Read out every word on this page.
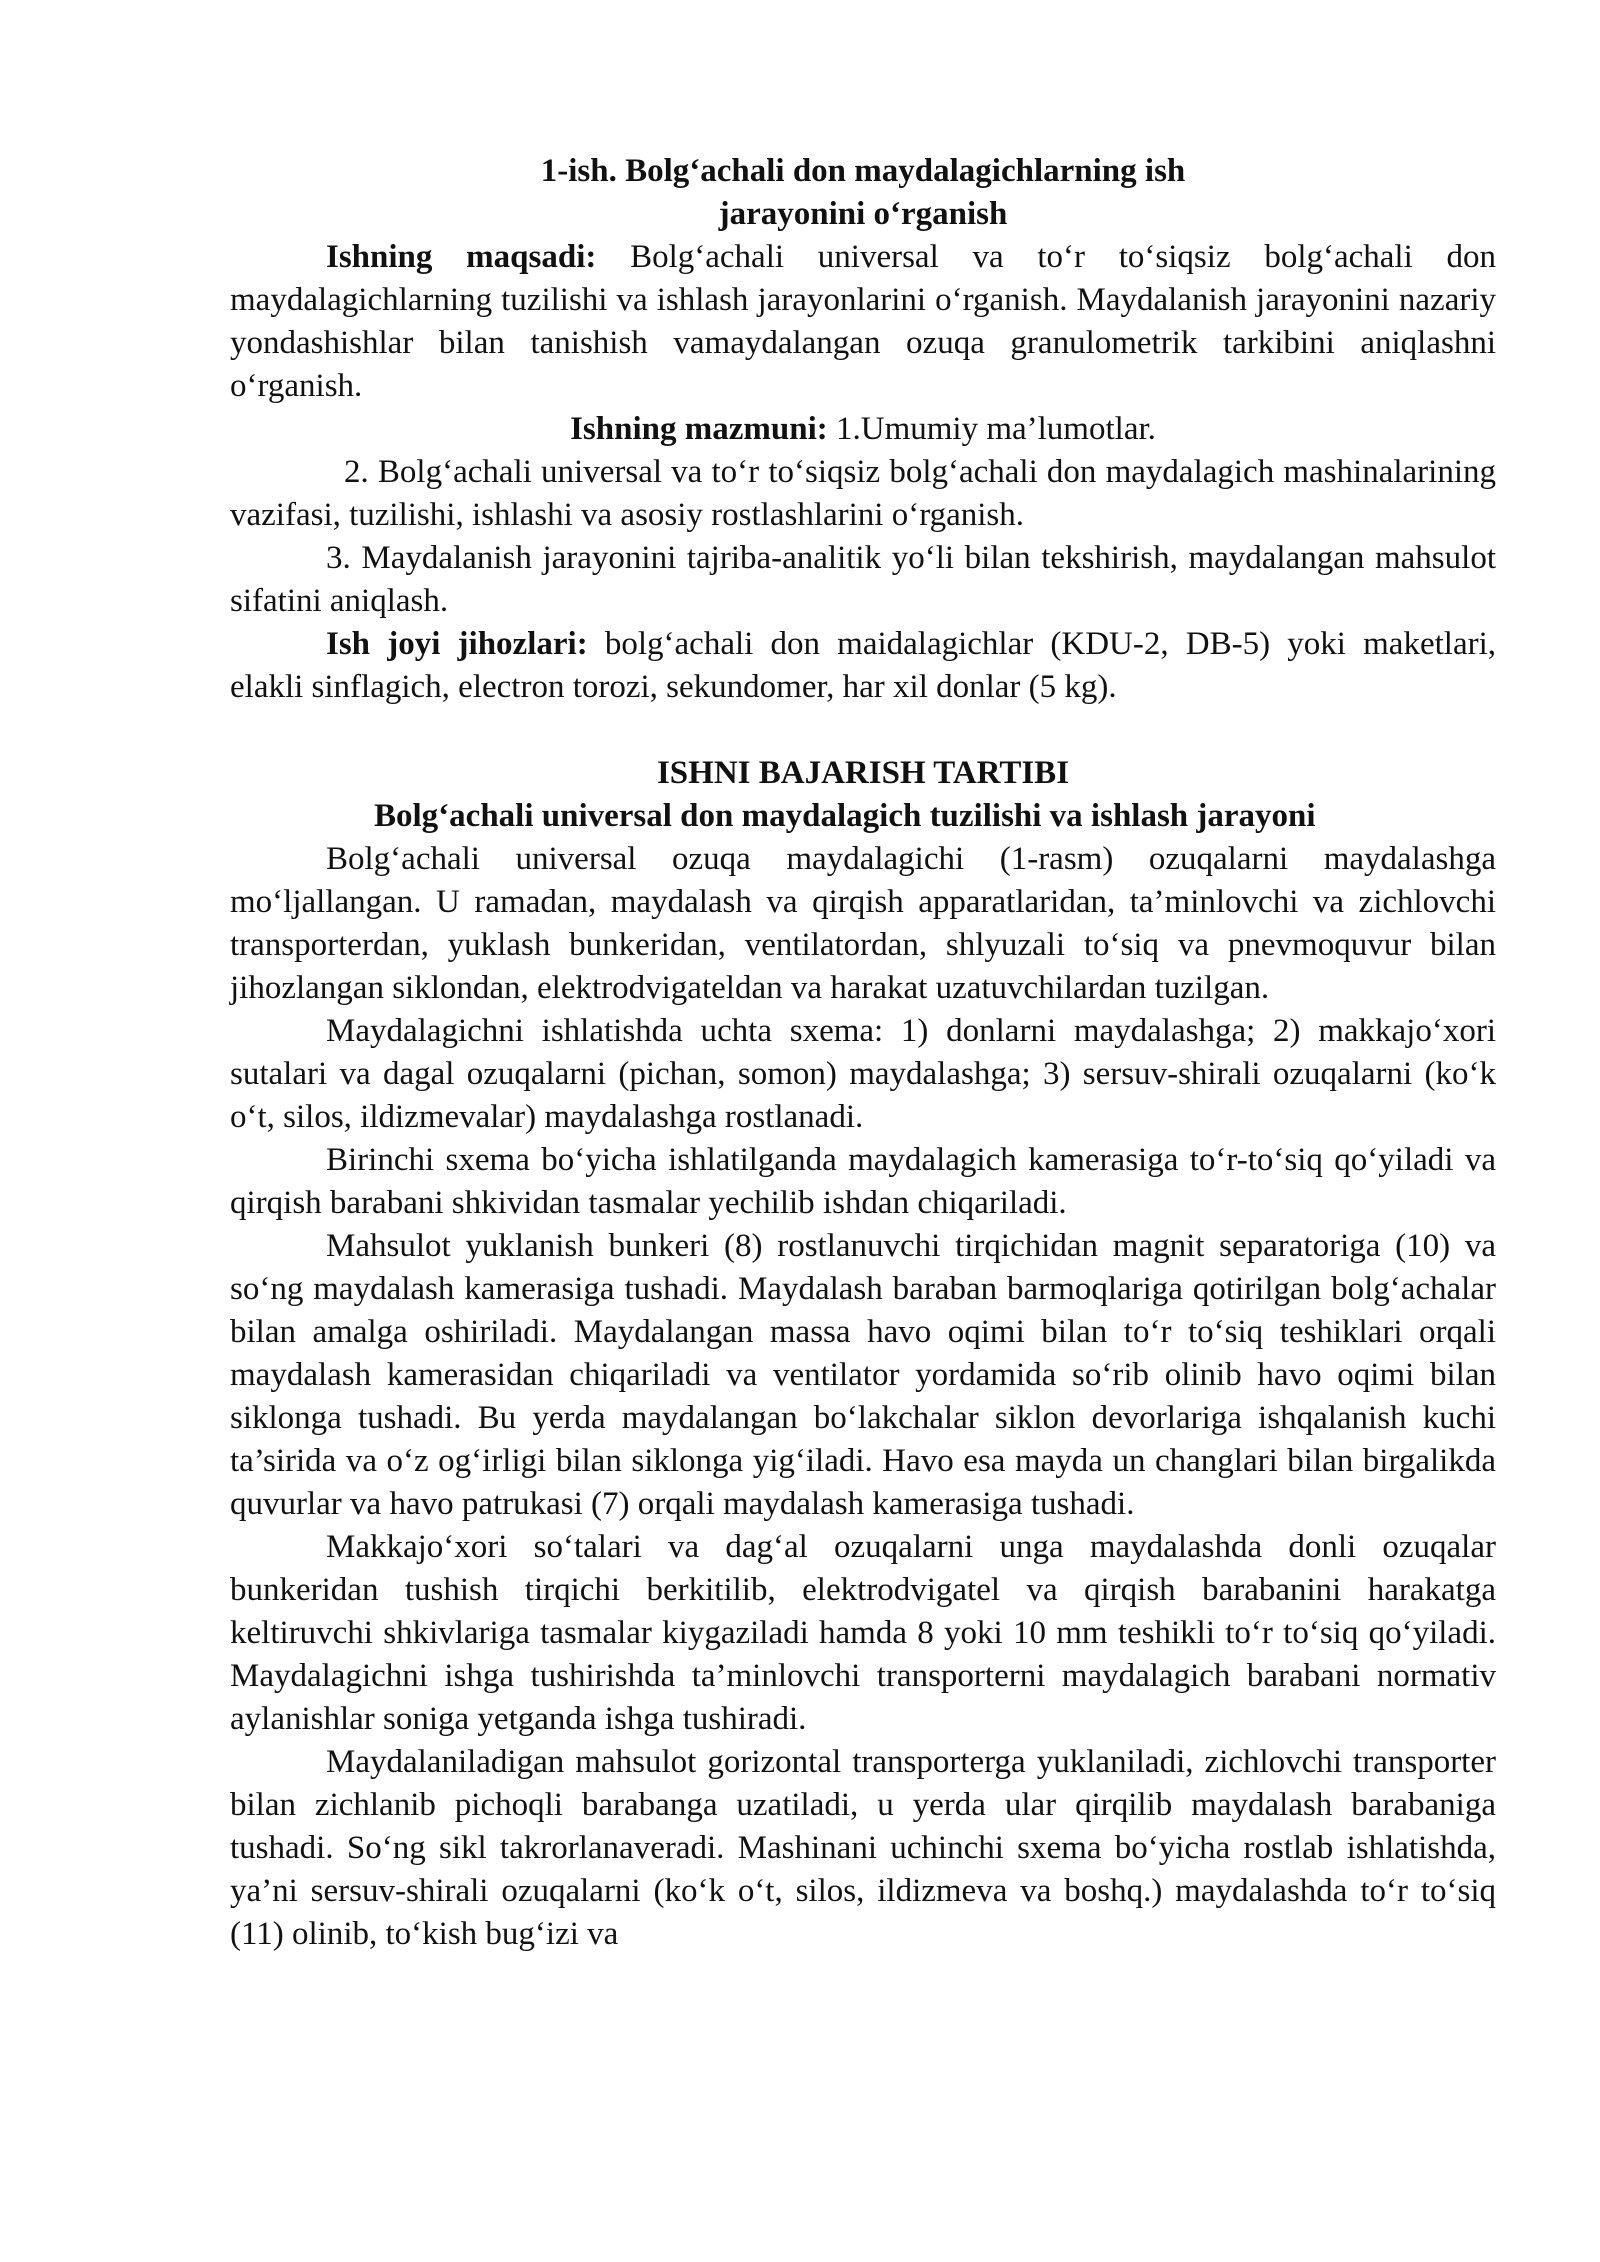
1-ish. Bolg‘achali don maydalagichlarning ish

jarayonini o‘rganish

Ishning maqsadi: Bolg‘achali universal va to‘r to‘siqsiz bolg‘achali don maydalagichlarning tuzilishi va ishlash jarayonlarini o‘rganish. Maydalanish jarayonini nazariy yondashishlar bilan tanishish vamaydalangan ozuqa granulometrik tarkibini aniqlashni o‘rganish.

Ishning mazmuni: 1.Umumiy ma’lumotlar.

2. Bolg‘achali universal va to‘r to‘siqsiz bolg‘achali don maydalagich mashinalarining vazifasi, tuzilishi, ishlashi va asosiy rostlashlarini o‘rganish.

3. Maydalanish jarayonini tajriba-analitik yo‘li bilan tekshirish, maydalangan mahsulot sifatini aniqlash.

Ish joyi jihozlari: bolg‘achali don maidalagichlar (KDU-2, DB-5) yoki maketlari, elakli sinflagich, electron torozi, sekundomer, har xil donlar (5 kg).

ISHNI BAJARISH TARTIBI

Bolg‘achali universal don maydalagich tuzilishi va ishlash jarayoni

Bolg‘achali universal ozuqa maydalagichi (1-rasm) ozuqalarni maydalashga mo‘ljallangan. U ramadan, maydalash va qirqish apparatlaridan, ta’minlovchi va zichlovchi transporterdan, yuklash bunkeridan, ventilatordan, shlyuzali to‘siq va pnevmoquvur bilan jihozlangan siklondan, elektrodvigateldan va harakat uzatuvchilardan tuzilgan.

Maydalagichni ishlatishda uchta sxema: 1) donlarni maydalashga; 2) makkajo‘xori sutalari va dagal ozuqalarni (pichan, somon) maydalashga; 3) sersuv-shirali ozuqalarni (ko‘k o‘t, silos, ildizmevalar) maydalashga rostlanadi.

Birinchi sxema bo‘yicha ishlatilganda maydalagich kamerasiga to‘r-to‘siq qo‘yiladi va qirqish barabani shkividan tasmalar yechilib ishdan chiqariladi.

Mahsulot yuklanish bunkeri (8) rostlanuvchi tirqichidan magnit separatoriga (10) va so‘ng maydalash kamerasiga tushadi. Maydalash baraban barmoqlariga qotirilgan bolg‘achalar bilan amalga oshiriladi. Maydalangan massa havo oqimi bilan to‘r to‘siq teshiklari orqali maydalash kamerasidan chiqariladi va ventilator yordamida so‘rib olinib havo oqimi bilan siklonga tushadi. Bu yerda maydalangan bo‘lakchalar siklon devorlariga ishqalanish kuchi ta’sirida va o‘z og‘irligi bilan siklonga yig‘iladi. Havo esa mayda un changlari bilan birgalikda quvurlar va havo patrukasi (7) orqali maydalash kamerasiga tushadi.

Makkajo‘xori so‘talari va dag‘al ozuqalarni unga maydalashda donli ozuqalar bunkeridan tushish tirqichi berkitilib, elektrodvigatel va qirqish barabanini harakatga keltiruvchi shkivlariga tasmalar kiygaziladi hamda 8 yoki 10 mm teshikli to‘r to‘siq qo‘yiladi. Maydalagichni ishga tushirishda ta’minlovchi transporterni maydalagich barabani normativ aylanishlar soniga yetganda ishga tushiradi.

Maydalaniladigan mahsulot gorizontal transporterga yuklaniladi, zichlovchi transporter bilan zichlanib pichoqli barabanga uzatiladi, u yerda ular qirqilib maydalash barabaniga tushadi. So‘ng sikl takrorlanaveradi. Mashinani uchinchi sxema bo‘yicha rostlab ishlatishda, ya’ni sersuv-shirali ozuqalarni (ko‘k o‘t, silos, ildizmeva va boshq.) maydalashda to‘r to‘siq (11) olinib, to‘kish bug‘izi va
